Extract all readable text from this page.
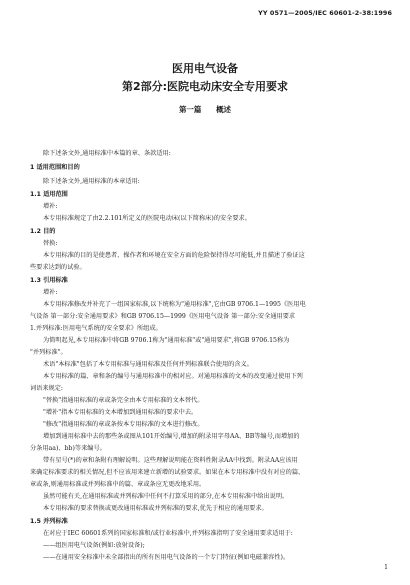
YY 0571—2005/IEC 60601-2-38:1996
医用电气设备
第2部分:医院电动床安全专用要求
第一篇 概述
除下述条文外,通用标准中本篇的章、条款适用:
1 适用范围和目的
除下述条文外,通用标准的本章适用:
1.1 适用范围
增补:
本专用标准规定了由2.2.101所定义的医院电动床(以下简称床)的安全要求。
1.2 目的
替换:
本专用标准的目的是使患者、操作者和环境在安全方面的危险保持得尽可能低,并且描述了验证这
些要求达到的试验。
1.3 引用标准
增补:
本专用标准修改并补充了一组国家标准,以下统称为"通用标准",它由GB 9706.1—1995《医用电
气设备 第一部分:安全通用要求》和GB 9706.15—1999《医用电气设备 第一部分:安全通用要求
1.并列标准:医用电气系统的安全要求》所组成。
为简明起见,本专用标准中将GB 9706.1称为"通用标准"或"通用要求",将GB 9706.15称为
"并列标准"。
术语"本标准"包括了本专用标准与通用标准及任何并列标准联合使用的含义。
本专用标准的篇、章和条的编号与通用标准中的相对应。对通用标准的文本的改变通过使用下列
词语来规定:
"替换"指通用标准的章或条完全由本专用标准的文本替代。
"增补"指本专用标准的文本增加到通用标准的要求中去。
"修改"指通用标准的章或条按本专用标准的文本进行修改。
增加到通用标准中去的那些条或图从101开始编号,增加的附录用字母AA、BB等编号,而增加的
分条用aa)、bb)等来编号。
带有星号(*)的章和条附有理解说明。这些理解说明能在资料性附录AA中找到。附录AA应该用
来确定标准要求的相关情况,但不应该用来建立新增的试验要求。如果在本专用标准中没有对应的篇、
章或条,则通用标准或并列标准中的篇、章或条应无更改地采用。
虽然可能有关,在通用标准或并列标准中任何不打算采用的部分,在本专用标准中给出说明。
本专用标准的要求替换或更改通用标准或并列标准的要求,优先于相应的通用要求。
1.5 并列标准
在对应于IEC 60601系列的国家标准和/或行业标准中,并列标准指明了安全通用要求适用于:
——组医用电气设备(例如:放射设备);
——在通用安全标准中未全部指出的所有医用电气设备的一个专门特征(例如电磁兼容性)。
1
